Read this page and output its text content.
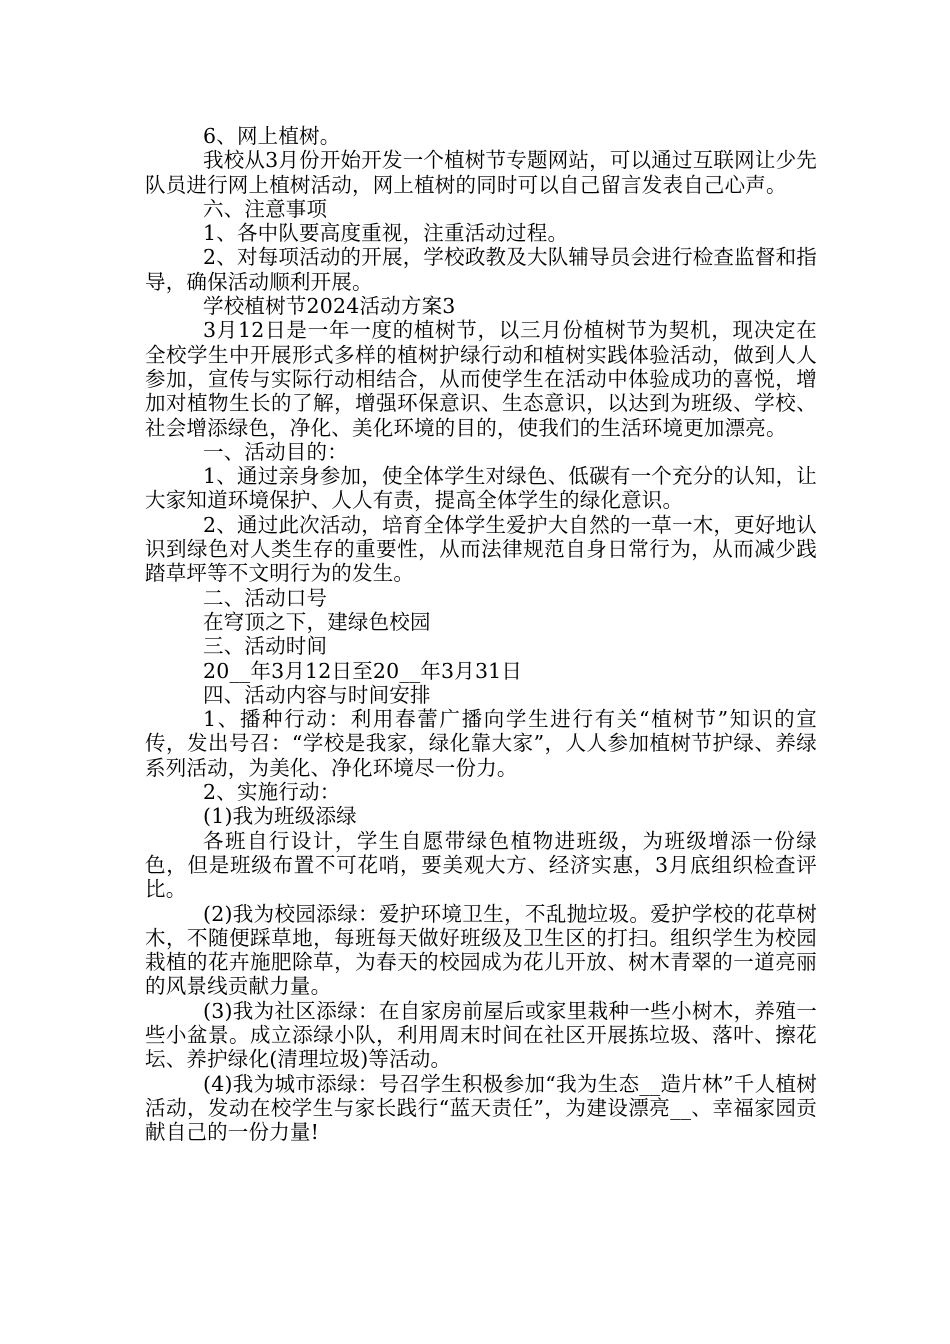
6、网上植树。

我校从3月份开始开发一个植树节专题网站，可以通过互联网让少先队员进行网上植树活动，网上植树的同时可以自己留言发表自己心声。

六、注意事项

1、各中队要高度重视，注重活动过程。

2、对每项活动的开展，学校政教及大队辅导员会进行检查监督和指导，确保活动顺利开展。

学校植树节2024活动方案3

3月12日是一年一度的植树节，以三月份植树节为契机，现决定在全校学生中开展形式多样的植树护绿行动和植树实践体验活动，做到人人参加，宣传与实际行动相结合，从而使学生在活动中体验成功的喜悦，增加对植物生长的了解，增强环保意识、生态意识，以达到为班级、学校、社会增添绿色，净化、美化环境的目的，使我们的生活环境更加漂亮。

一、活动目的：

1、通过亲身参加，使全体学生对绿色、低碳有一个充分的认知，让大家知道环境保护、人人有责，提高全体学生的绿化意识。

2、通过此次活动，培育全体学生爱护大自然的一草一木，更好地认识到绿色对人类生存的重要性，从而法律规范自身日常行为，从而减少践踏草坪等不文明行为的发生。

二、活动口号

在穹顶之下，建绿色校园

三、活动时间

20__年3月12日至20__年3月31日

四、活动内容与时间安排

1、播种行动：利用春蕾广播向学生进行有关“植树节”知识的宣传，发出号召：“学校是我家，绿化靠大家”，人人参加植树节护绿、养绿系列活动，为美化、净化环境尽一份力。

2、实施行动：

(1)我为班级添绿

各班自行设计，学生自愿带绿色植物进班级，为班级增添一份绿色，但是班级布置不可花哨，要美观大方、经济实惠，3月底组织检查评比。

(2)我为校园添绿：爱护环境卫生，不乱抛垃圾。爱护学校的花草树木，不随便踩草地，每班每天做好班级及卫生区的打扫。组织学生为校园栽植的花卉施肥除草，为春天的校园成为花儿开放、树木青翠的一道亮丽的风景线贡献力量。

(3)我为社区添绿：在自家房前屋后或家里栽种一些小树木，养殖一些小盆景。成立添绿小队，利用周末时间在社区开展拣垃圾、落叶、擦花坛、养护绿化(清理垃圾)等活动。

(4)我为城市添绿：号召学生积极参加“我为生态__造片林”千人植树活动，发动在校学生与家长践行“蓝天责任”，为建设漂亮__、幸福家园贡献自己的一份力量!
